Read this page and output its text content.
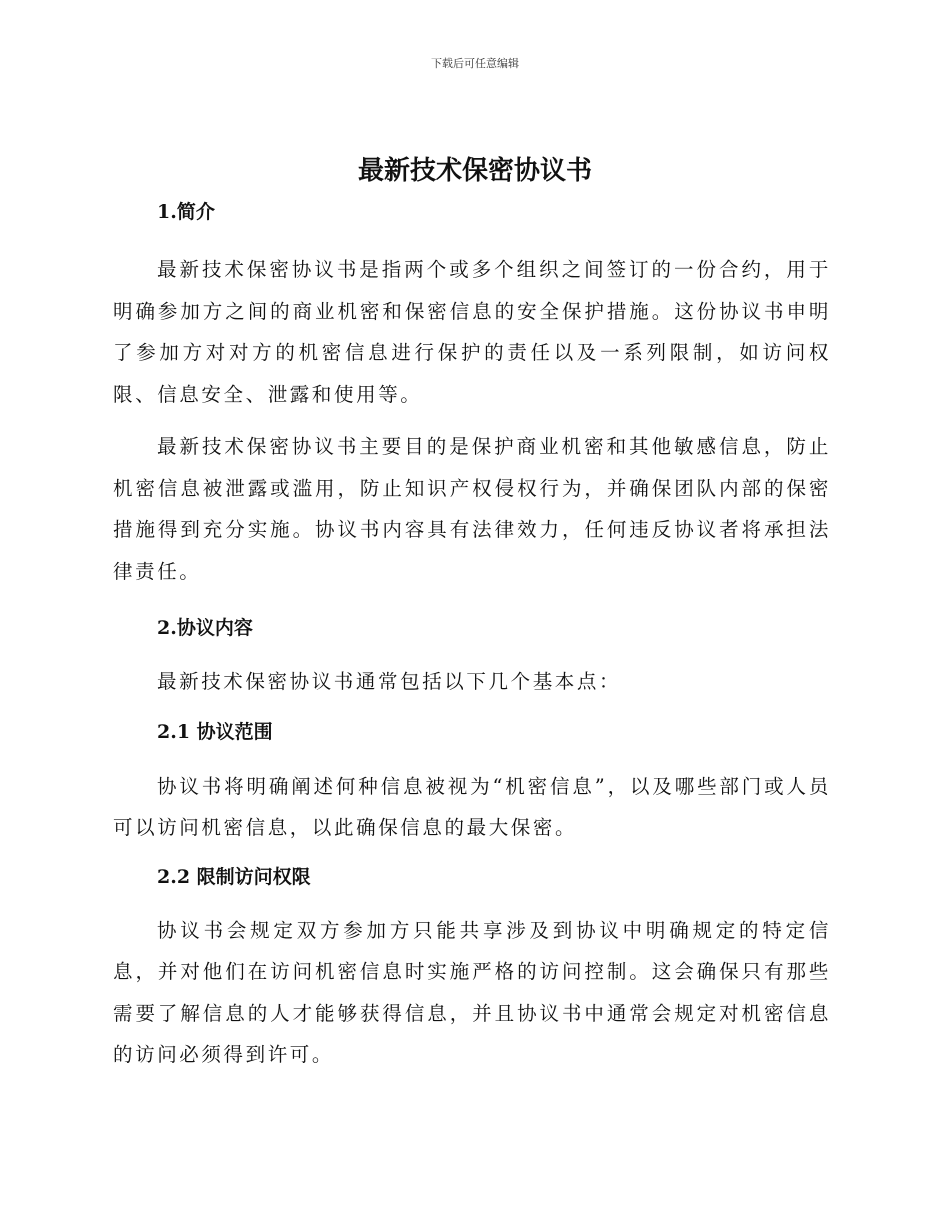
下载后可任意编辑
最新技术保密协议书
1.简介

最新技术保密协议书是指两个或多个组织之间签订的一份合约，用于明确参加方之间的商业机密和保密信息的安全保护措施。这份协议书申明了参加方对对方的机密信息进行保护的责任以及一系列限制，如访问权限、信息安全、泄露和使用等。

最新技术保密协议书主要目的是保护商业机密和其他敏感信息，防止机密信息被泄露或滥用，防止知识产权侵权行为，并确保团队内部的保密措施得到充分实施。协议书内容具有法律效力，任何违反协议者将承担法律责任。

2.协议内容

最新技术保密协议书通常包括以下几个基本点：

2.1 协议范围

协议书将明确阐述何种信息被视为“机密信息”，以及哪些部门或人员可以访问机密信息，以此确保信息的最大保密。

2.2 限制访问权限

协议书会规定双方参加方只能共享涉及到协议中明确规定的特定信息，并对他们在访问机密信息时实施严格的访问控制。这会确保只有那些需要了解信息的人才能够获得信息，并且协议书中通常会规定对机密信息的访问必须得到许可。
